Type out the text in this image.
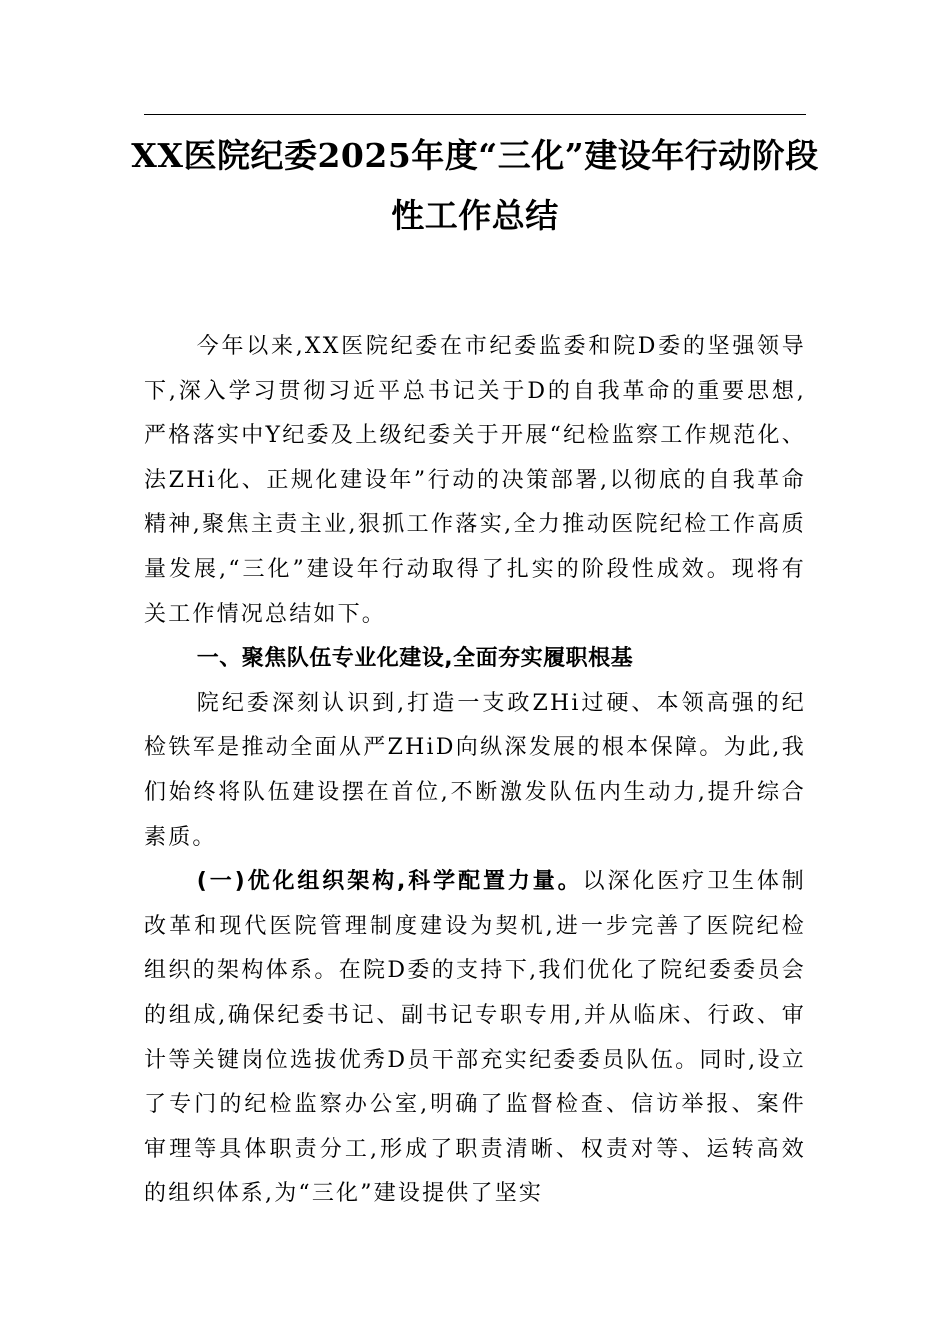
XX医院纪委2025年度“三化”建设年行动阶段性工作总结

今年以来,XX医院纪委在市纪委监委和院D委的坚强领导下,深入学习贯彻习近平总书记关于D的自我革命的重要思想,严格落实中Y纪委及上级纪委关于开展“纪检监察工作规范化、法ZHi化、正规化建设年”行动的决策部署,以彻底的自我革命精神,聚焦主责主业,狠抓工作落实,全力推动医院纪检工作高质量发展,“三化”建设年行动取得了扎实的阶段性成效。现将有关工作情况总结如下。

一、聚焦队伍专业化建设,全面夯实履职根基

院纪委深刻认识到,打造一支政ZHi过硬、本领高强的纪检铁军是推动全面从严ZHiD向纵深发展的根本保障。为此,我们始终将队伍建设摆在首位,不断激发队伍内生动力,提升综合素质。

(一)优化组织架构,科学配置力量。以深化医疗卫生体制改革和现代医院管理制度建设为契机,进一步完善了医院纪检组织的架构体系。在院D委的支持下,我们优化了院纪委委员会的组成,确保纪委书记、副书记专职专用,并从临床、行政、审计等关键岗位选拔优秀D员干部充实纪委委员队伍。同时,设立了专门的纪检监察办公室,明确了监督检查、信访举报、案件审理等具体职责分工,形成了职责清晰、权责对等、运转高效的组织体系,为“三化”建设提供了坚实
